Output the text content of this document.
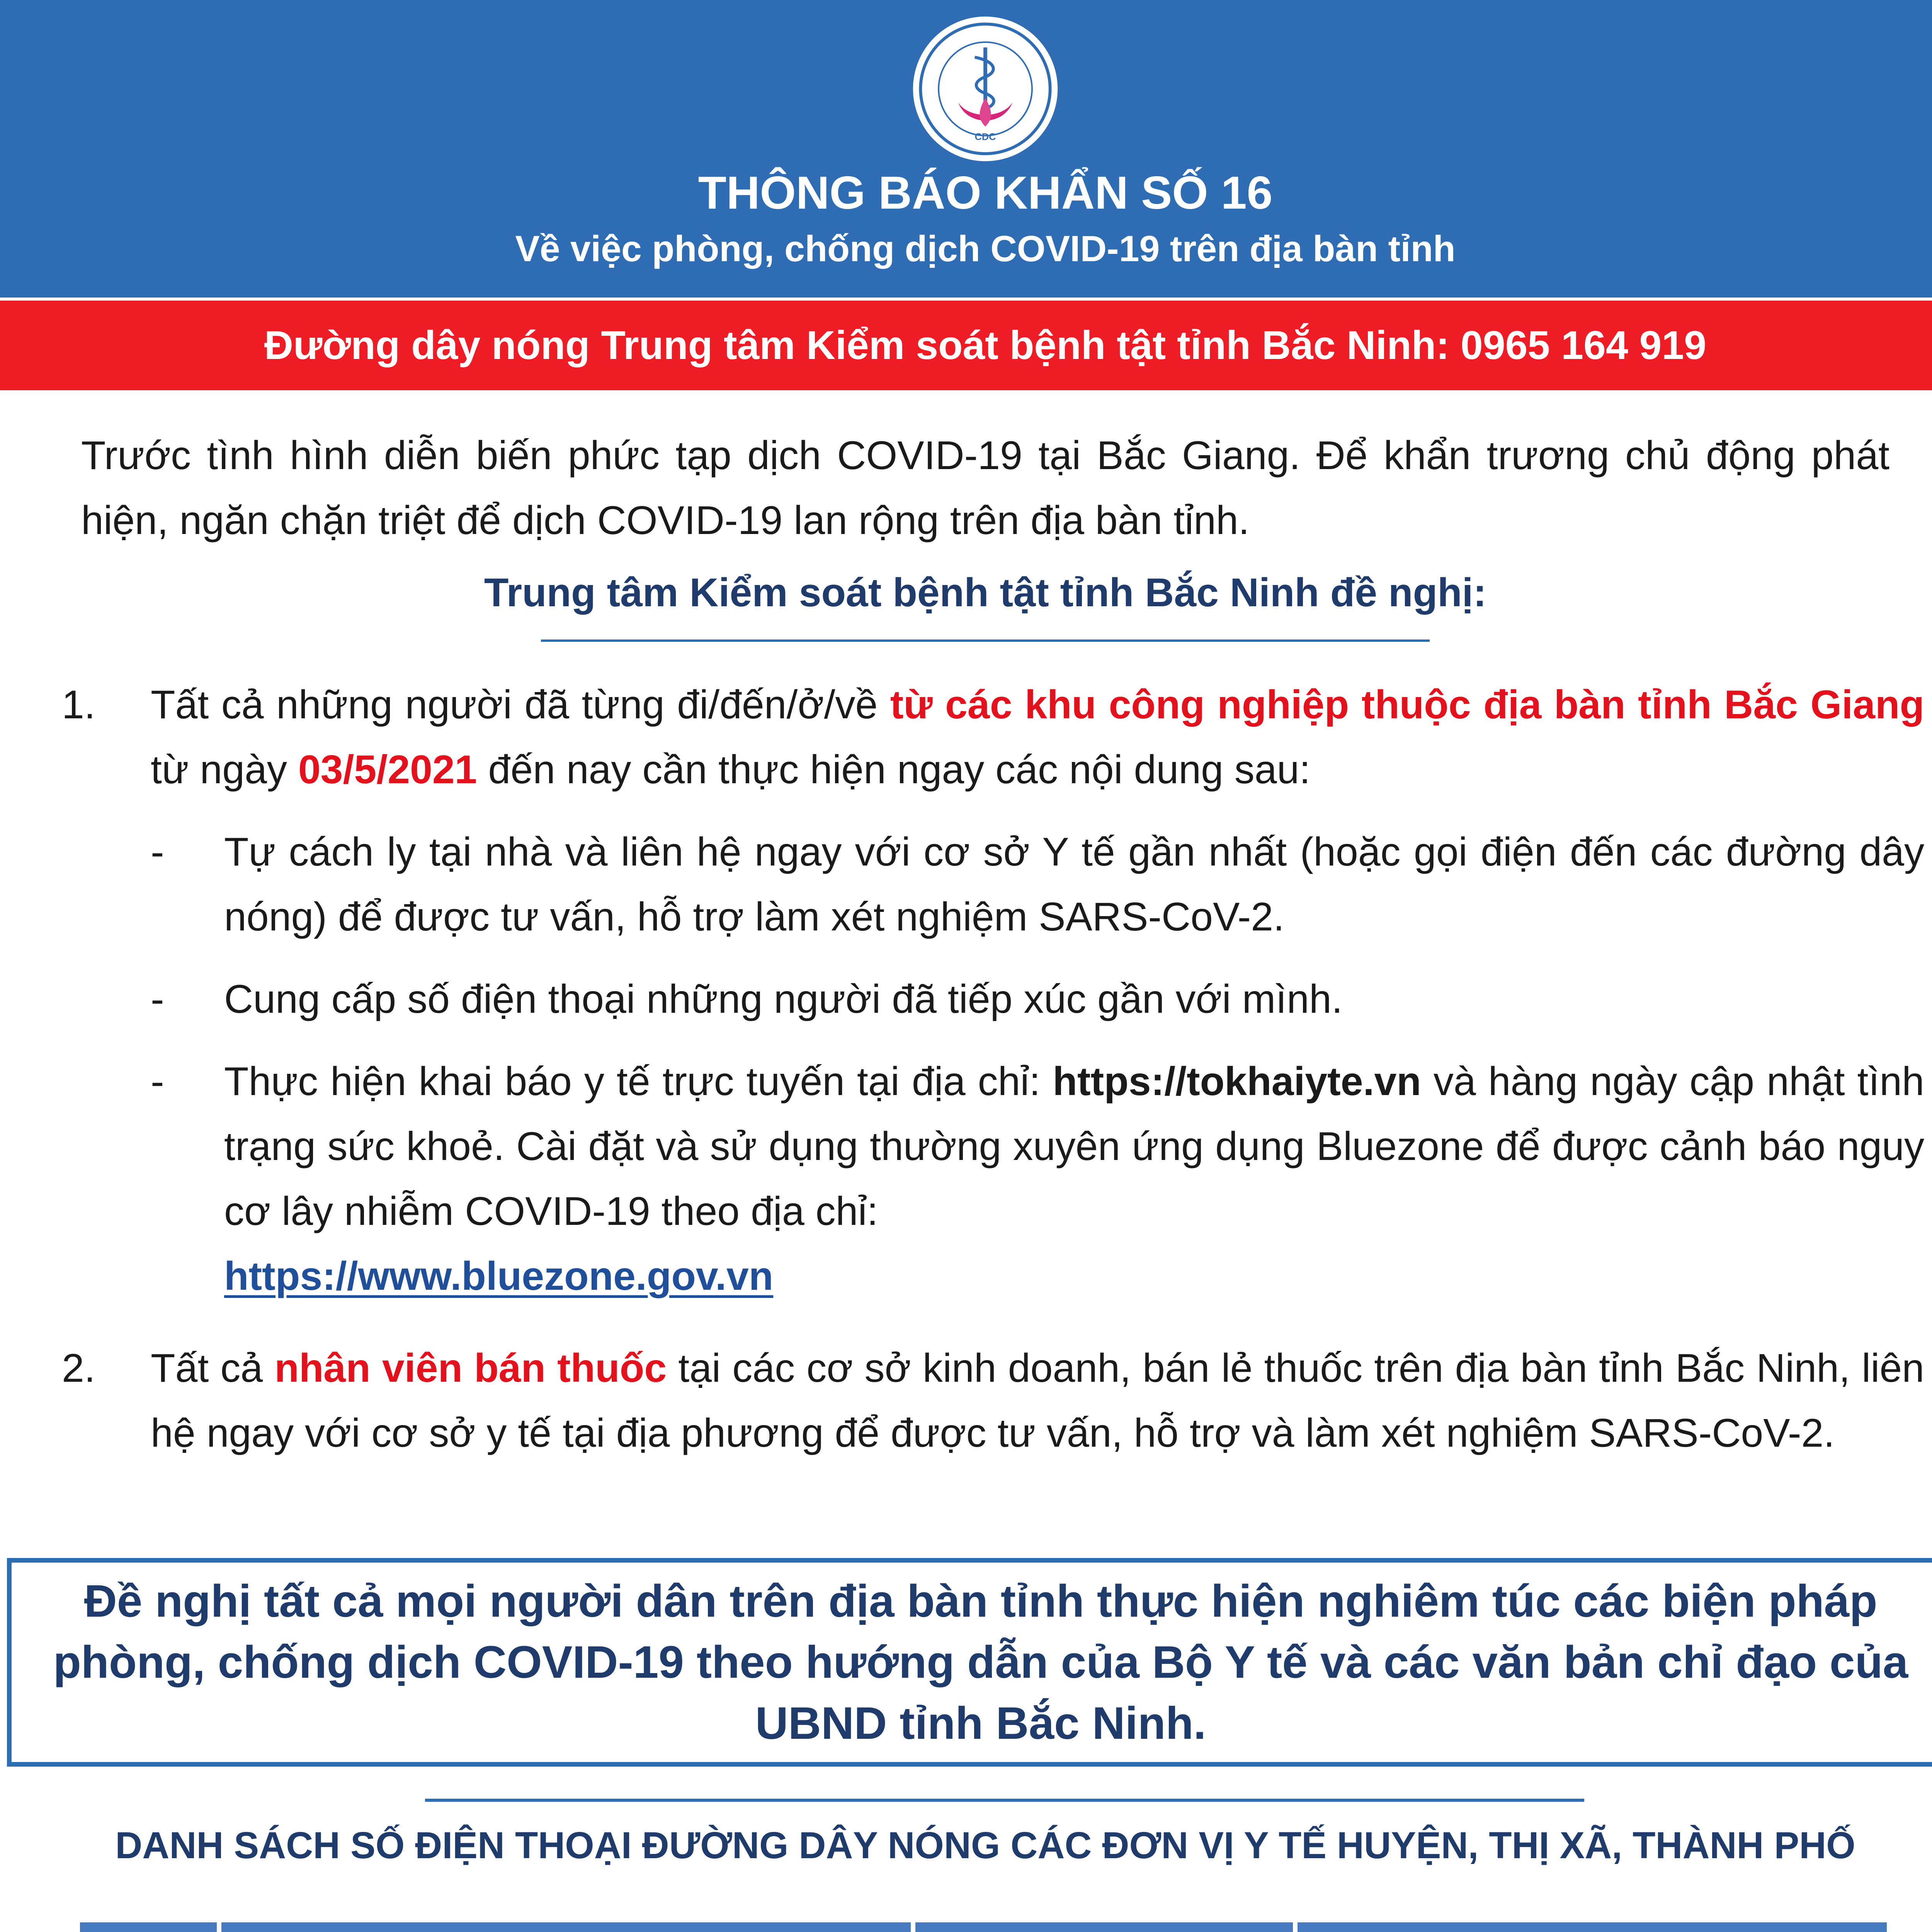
CDC
THÔNG BÁO KHẨN SỐ 16
Về việc phòng, chống dịch COVID-19 trên địa bàn tỉnh
Đường dây nóng Trung tâm Kiểm soát bệnh tật tỉnh Bắc Ninh: 0965 164 919

Trước tình hình diễn biến phức tạp dịch COVID-19 tại Bắc Giang. Để khẩn trương chủ động phát hiện, ngăn chặn triệt để dịch COVID-19 lan rộng trên địa bàn tỉnh.

Trung tâm Kiểm soát bệnh tật tỉnh Bắc Ninh đề nghị:
1. Tất cả những người đã từng đi/đến/ở/về từ các khu công nghiệp thuộc địa bàn tỉnh Bắc Giang từ ngày 03/5/2021 đến nay cần thực hiện ngay các nội dung sau:

- Tự cách ly tại nhà và liên hệ ngay với cơ sở Y tế gần nhất (hoặc gọi điện đến các đường dây nóng) để được tư vấn, hỗ trợ làm xét nghiệm SARS-CoV-2.

- Cung cấp số điện thoại những người đã tiếp xúc gần với mình.

- Thực hiện khai báo y tế trực tuyến tại địa chỉ: https://tokhaiyte.vn và hàng ngày cập nhật tình trạng sức khoẻ. Cài đặt và sử dụng thường xuyên ứng dụng Bluezone để được cảnh báo nguy cơ lây nhiễm COVID-19 theo địa chỉ:
https://www.bluezone.gov.vn

2. Tất cả nhân viên bán thuốc tại các cơ sở kinh doanh, bán lẻ thuốc trên địa bàn tỉnh Bắc Ninh, liên hệ ngay với cơ sở y tế tại địa phương để được tư vấn, hỗ trợ và làm xét nghiệm SARS-CoV-2.

Đề nghị tất cả mọi người dân trên địa bàn tỉnh thực hiện nghiêm túc các biện pháp phòng, chống dịch COVID-19 theo hướng dẫn của Bộ Y tế và các văn bản chỉ đạo của UBND tỉnh Bắc Ninh.
DANH SÁCH SỐ ĐIỆN THOẠI ĐƯỜNG DÂY NÓNG CÁC ĐƠN VỊ Y TẾ HUYỆN, THỊ XÃ, THÀNH PHỐ
